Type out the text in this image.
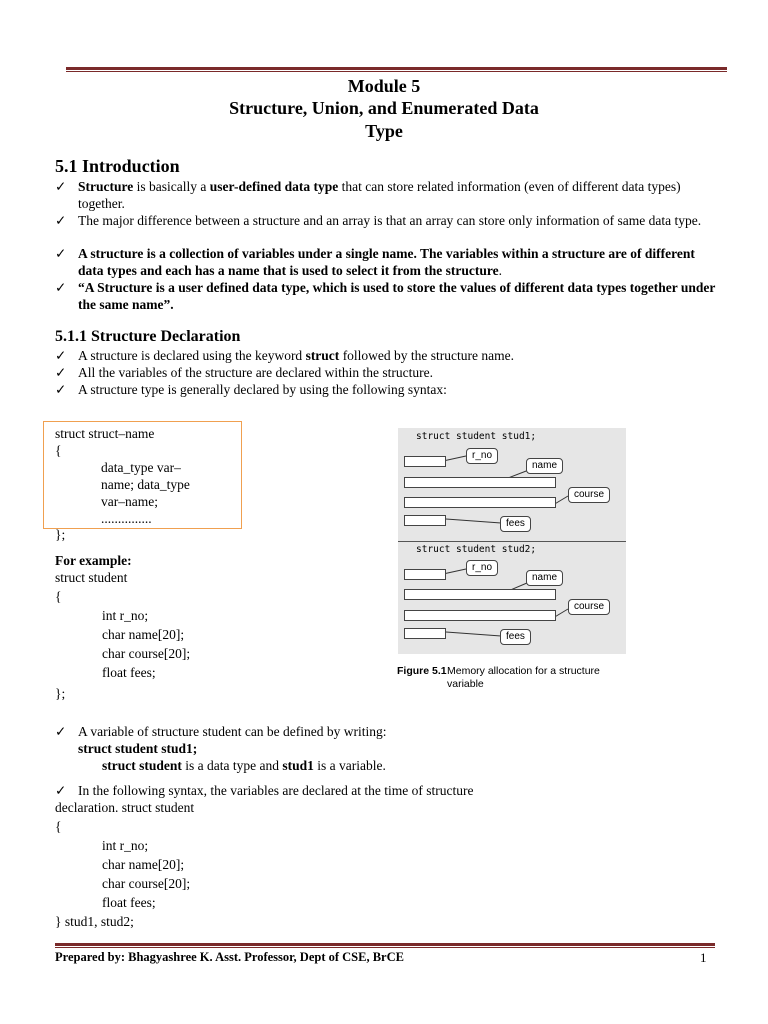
Module 5
Structure, Union, and Enumerated Data
Type
5.1 Introduction
✓ Structure is basically a user-defined data type that can store related information (even of different data types) together.
✓ The major difference between a structure and an array is that an array can store only information of same data type.
✓ A structure is a collection of variables under a single name. The variables within a structure are of different data types and each has a name that is used to select it from the structure.
✓ “A Structure is a user defined data type, which is used to store the values of different data types together under the same name”.
5.1.1 Structure Declaration
✓ A structure is declared using the keyword struct followed by the structure name.
✓ All the variables of the structure are declared within the structure.
✓ A structure type is generally declared by using the following syntax:
struct struct–name
{
data_type var–
name; data_type
var–name;
...............
};
For example:
struct student
{
int r_no;
char name[20];
char course[20];
float fees;
};
struct student stud1;
r_no
name
course
fees
struct student stud2;
r_no
name
course
fees
Figure 5.1 Memory allocation for a structure variable
✓ A variable of structure student can be defined by writing:
struct student stud1;
struct student is a data type and stud1 is a variable.
✓ In the following syntax, the variables are declared at the time of structure
declaration. struct student
{
int r_no;
char name[20];
char course[20];
float fees;
} stud1, stud2;
Prepared by: Bhagyashree K. Asst. Professor, Dept of CSE, BrCE	1
